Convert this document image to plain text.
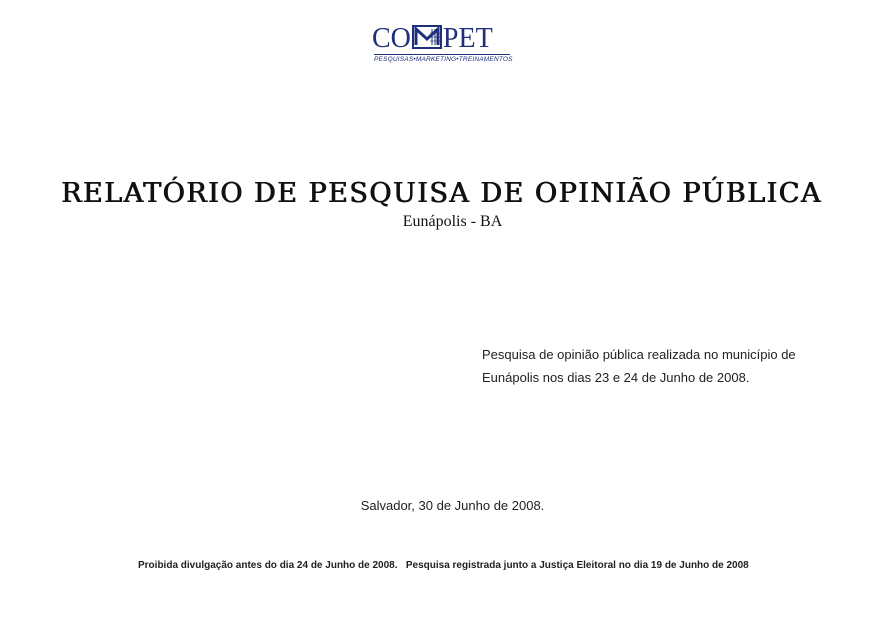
CO PET
PESQUISAS•MARKETING•TREINAMENTOS
RELATÓRIO DE PESQUISA DE OPINIÃO PÚBLICA
Eunápolis - BA
Pesquisa de opinião pública realizada no município de
Eunápolis nos dias 23 e 24 de Junho de 2008.
Salvador, 30 de Junho de 2008.
Proibida divulgação antes do dia 24 de Junho de 2008.   Pesquisa registrada junto a Justiça Eleitoral no dia 19 de Junho de 2008
